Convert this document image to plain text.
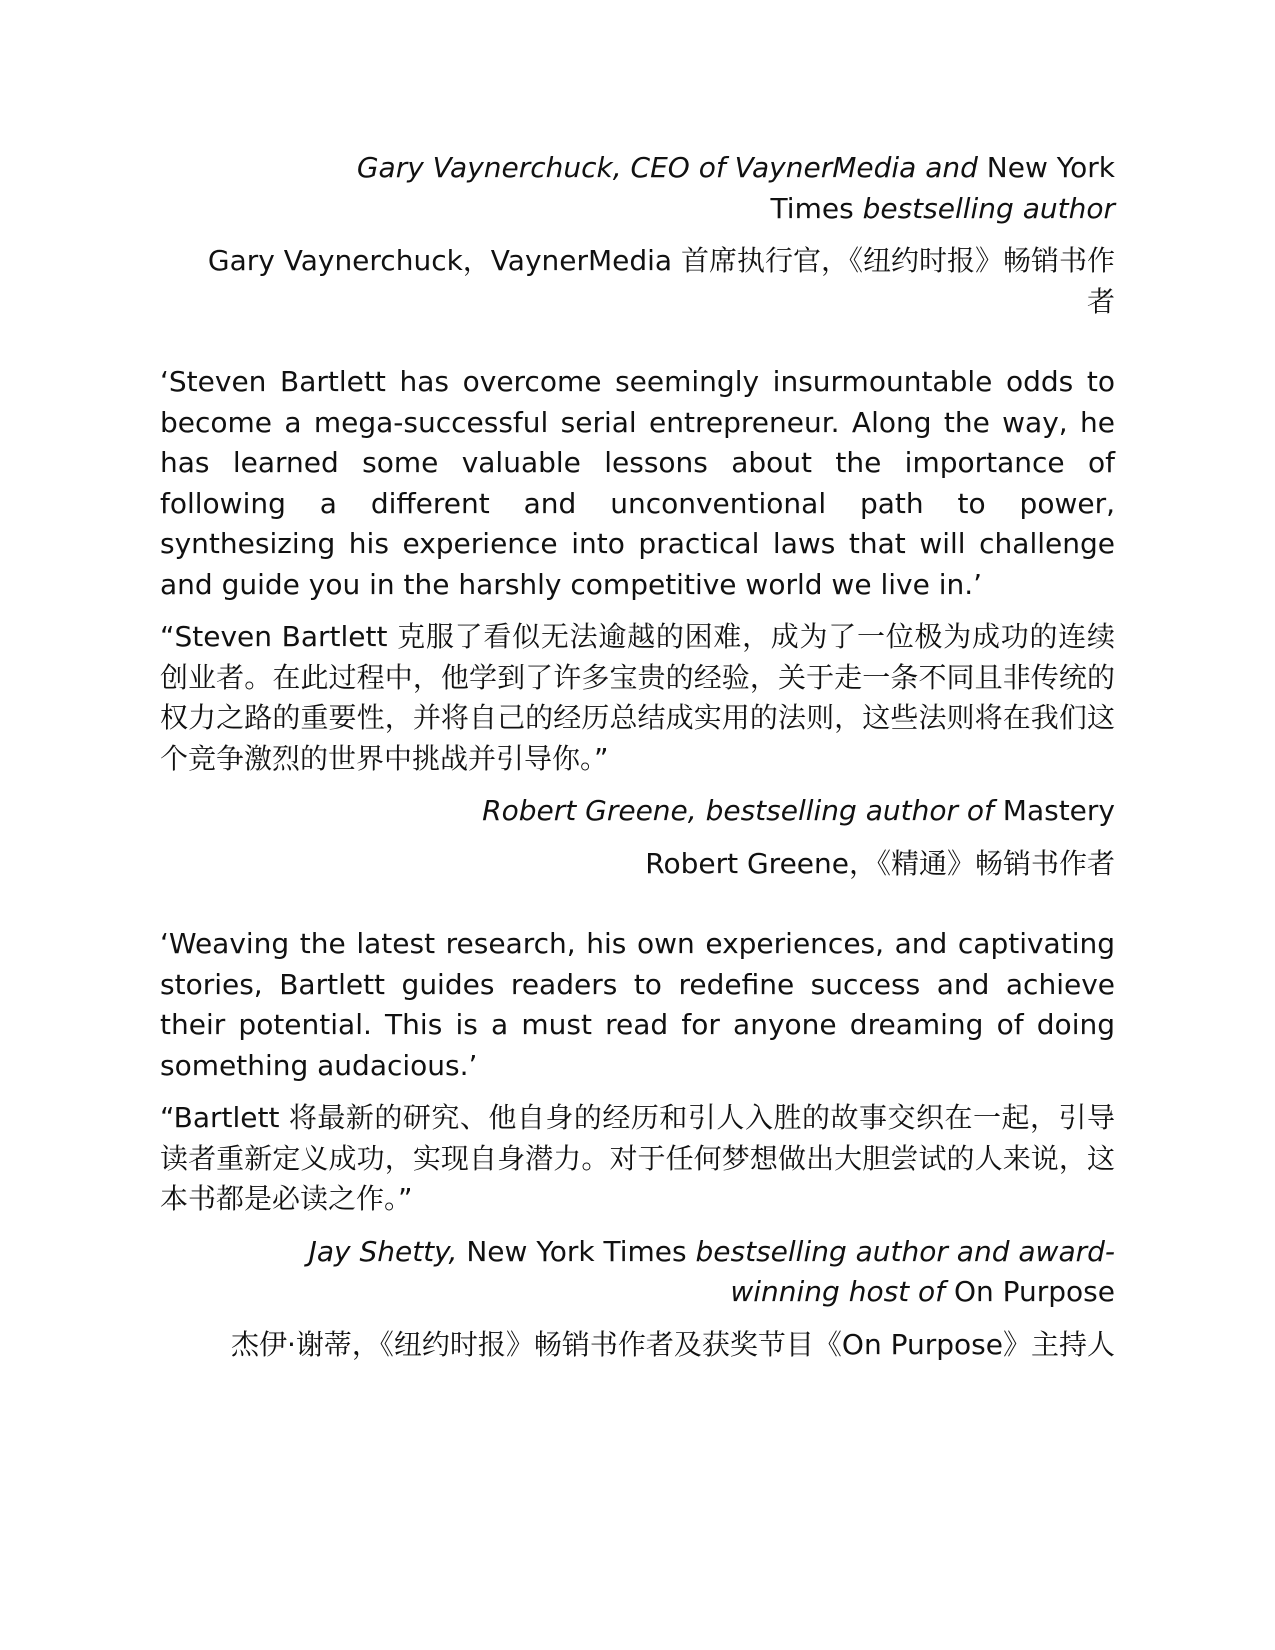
Gary Vaynerchuck, CEO of VaynerMedia and New York Times bestselling author

Gary Vaynerchuck，VaynerMedia 首席执行官，《纽约时报》畅销书作者

‘Steven Bartlett has overcome seemingly insurmountable odds to become a mega-successful serial entrepreneur. Along the way, he has learned some valuable lessons about the importance of following a different and unconventional path to power, synthesizing his experience into practical laws that will challenge and guide you in the harshly competitive world we live in.’

“Steven Bartlett 克服了看似无法逾越的困难，成为了一位极为成功的连续创业者。在此过程中，他学到了许多宝贵的经验，关于走一条不同且非传统的权力之路的重要性，并将自己的经历总结成实用的法则，这些法则将在我们这个竞争激烈的世界中挑战并引导你。”

Robert Greene, bestselling author of Mastery

Robert Greene，《精通》畅销书作者

‘Weaving the latest research, his own experiences, and captivating stories, Bartlett guides readers to redefine success and achieve their potential. This is a must read for anyone dreaming of doing something audacious.’

“Bartlett 将最新的研究、他自身的经历和引人入胜的故事交织在一起，引导读者重新定义成功，实现自身潜力。对于任何梦想做出大胆尝试的人来说，这本书都是必读之作。”

Jay Shetty, New York Times bestselling author and award-winning host of On Purpose

杰伊·谢蒂，《纽约时报》畅销书作者及获奖节目《On Purpose》主持人
